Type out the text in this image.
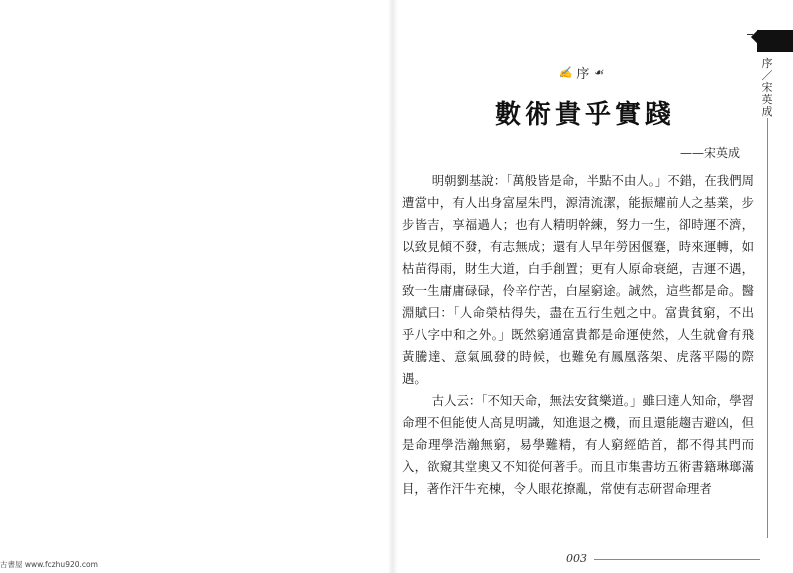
序／宋英成
✍ 序 ☙
數術貴乎實踐
——宋英成

明朝劉基說：「萬般皆是命，半點不由人。」不錯，在我們周遭當中，有人出身富屋朱門，源清流潔，能振耀前人之基業，步步皆吉，享福過人；也有人精明幹練，努力一生，卻時運不濟，以致見傾不發，有志無成；還有人早年勞困偃蹇，時來運轉，如枯苗得雨，財生大道，白手創置；更有人原命衰絕，吉運不遇，致一生庸庸碌碌，伶辛佇苦，白屋窮途。誠然，這些都是命。醫淵賦曰：「人命榮枯得失，盡在五行生剋之中。富貴貧窮，不出乎八字中和之外。」既然窮通富貴都是命運使然，人生就會有飛黃騰達、意氣風發的時候，也難免有鳳凰落架、虎落平陽的際遇。

古人云：「不知天命，無法安貧樂道。」雖曰達人知命，學習命理不但能使人高見明識，知進退之機，而且還能趨吉避凶，但是命理學浩瀚無窮，易學難精，有人窮經皓首，都不得其門而入，欲窺其堂奧又不知從何著手。而且市集書坊五術書籍琳瑯滿目，著作汗牛充棟，令人眼花撩亂，常使有志研習命理者

003
古書屋 www.fczhu920.com
